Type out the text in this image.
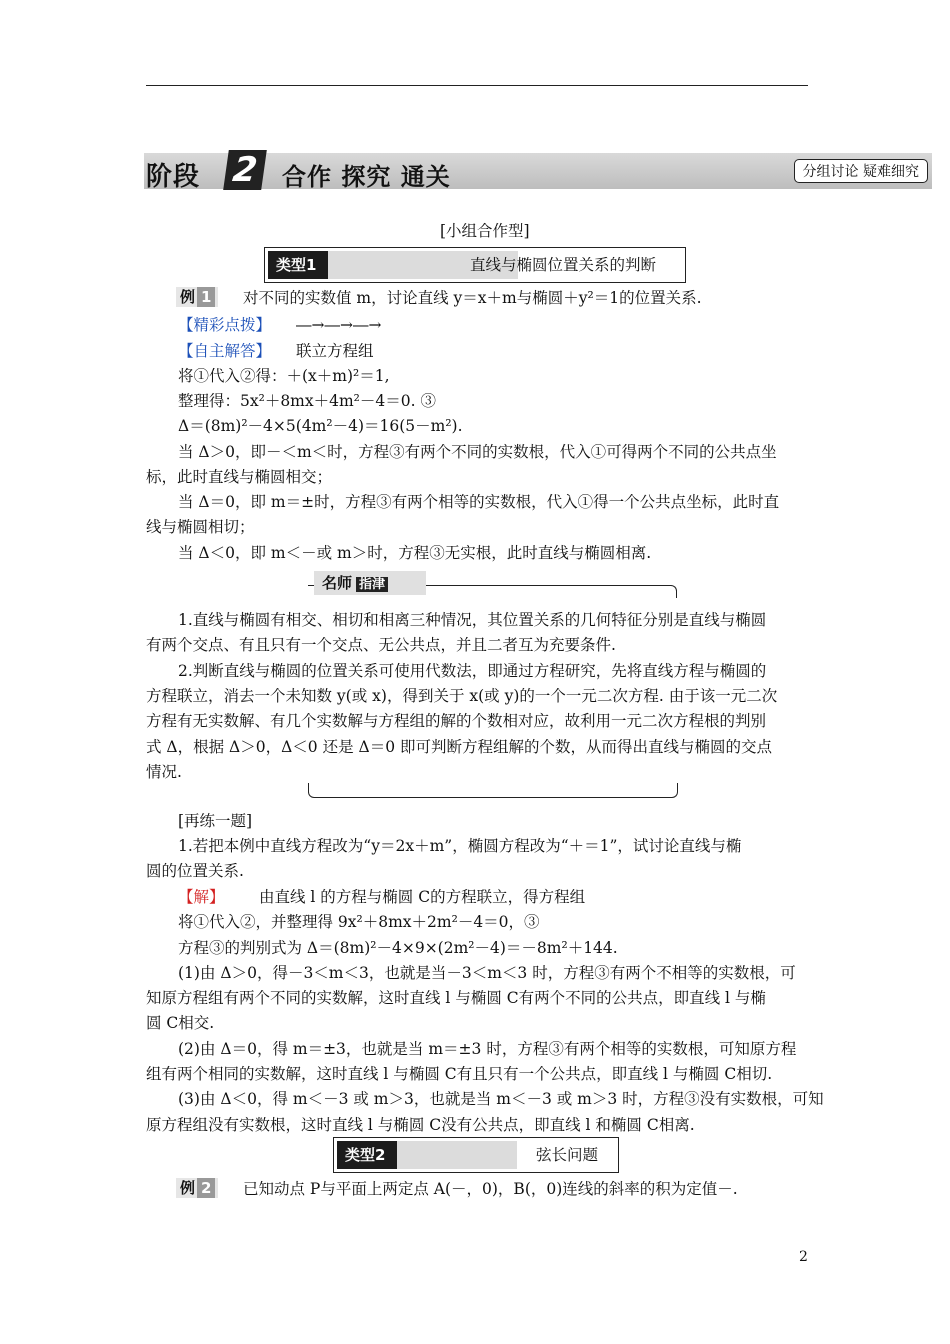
阶段 2 合作 探究 通关	分组讨论 疑难细究
[小组合作型]
类型1	直线与椭圆位置关系的判断
例 1	对不同的实数值 m，讨论直线 y＝x＋m与椭圆＋y²＝1的位置关系.
【精彩点拨】 ―→―→―→
【自主解答】 联立方程组
将①代入②得：＋(x＋m)²＝1,
整理得：5x²＋8mx＋4m²－4＝0. ③
Δ＝(8m)²－4×5(4m²－4)＝16(5－m²).
当 Δ＞0，即－＜m＜时，方程③有两个不同的实数根，代入①可得两个不同的公共点坐
标，此时直线与椭圆相交；
当 Δ＝0，即 m＝±时，方程③有两个相等的实数根，代入①得一个公共点坐标，此时直
线与椭圆相切；
当 Δ＜0，即 m＜－或 m＞时，方程③无实根，此时直线与椭圆相离.
名师 指津
1.直线与椭圆有相交、相切和相离三种情况，其位置关系的几何特征分别是直线与椭圆
有两个交点、有且只有一个交点、无公共点，并且二者互为充要条件.
2.判断直线与椭圆的位置关系可使用代数法，即通过方程研究，先将直线方程与椭圆的
方程联立，消去一个未知数 y(或 x)，得到关于 x(或 y)的一个一元二次方程. 由于该一元二次
方程有无实数解、有几个实数解与方程组的解的个数相对应，故利用一元二次方程根的判别
式 Δ，根据 Δ＞0，Δ＜0 还是 Δ＝0 即可判断方程组解的个数，从而得出直线与椭圆的交点
情况.
[再练一题]
1.若把本例中直线方程改为“y＝2x＋m”，椭圆方程改为“＋＝1”，试讨论直线与椭
圆的位置关系.
【解】 由直线 l 的方程与椭圆 C的方程联立，得方程组
将①代入②，并整理得 9x²＋8mx＋2m²－4＝0，③
方程③的判别式为 Δ＝(8m)²－4×9×(2m²－4)＝－8m²＋144.
(1)由 Δ＞0，得－3＜m＜3，也就是当－3＜m＜3 时，方程③有两个不相等的实数根，可
知原方程组有两个不同的实数解，这时直线 l 与椭圆 C有两个不同的公共点，即直线 l 与椭
圆 C相交.
(2)由 Δ＝0，得 m＝±3，也就是当 m＝±3 时，方程③有两个相等的实数根，可知原方程
组有两个相同的实数解，这时直线 l 与椭圆 C有且只有一个公共点，即直线 l 与椭圆 C相切.
(3)由 Δ＜0，得 m＜－3 或 m＞3，也就是当 m＜－3 或 m＞3 时，方程③没有实数根，可知
原方程组没有实数根，这时直线 l 与椭圆 C没有公共点，即直线 l 和椭圆 C相离.
类型2	弦长问题
例 2	已知动点 P与平面上两定点 A(－，0)，B(，0)连线的斜率的积为定值－.
2
